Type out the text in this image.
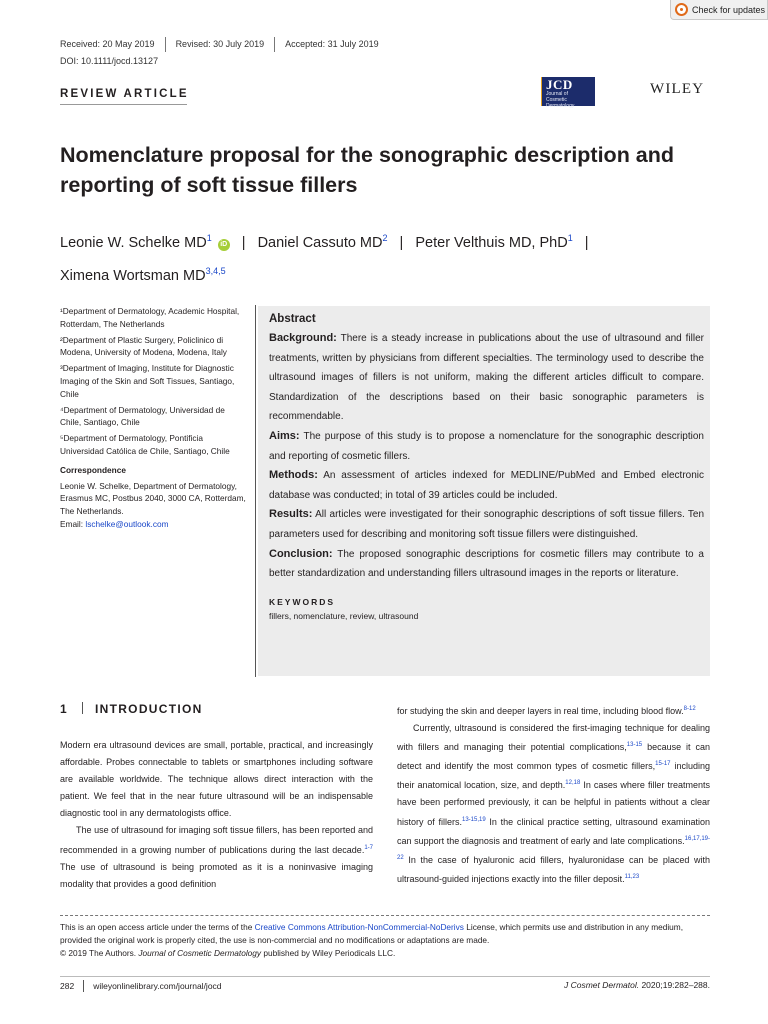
Check for updates
Received: 20 May 2019 Revised: 30 July 2019 Accepted: 31 July 2019
DOI: 10.1111/jocd.13127
REVIEW ARTICLE
JCD
Journal of
Cosmetic Dermatology
WILEY
Nomenclature proposal for the sonographic description and reporting of soft tissue fillers
Leonie W. Schelke $MD^1$ iD | Daniel Cassuto $MD^2$ | Peter Velthuis MD, PhD$^1$ |
Ximena Wortsman MD$^{3,4,5}$

¹Department of Dermatology, Academic Hospital, Rotterdam, The Netherlands

²Department of Plastic Surgery, Policlinico di Modena, University of Modena, Modena, Italy

³Department of Imaging, Institute for Diagnostic Imaging of the Skin and Soft Tissues, Santiago, Chile

⁴Department of Dermatology, Universidad de Chile, Santiago, Chile

⁵Department of Dermatology, Pontificia Universidad Católica de Chile, Santiago, Chile

Correspondence

Leonie W. Schelke, Department of Dermatology, Erasmus MC, Postbus 2040, 3000 CA, Rotterdam, The Netherlands.
Email: lschelke@outlook.com

Abstract
Background: There is a steady increase in publications about the use of ultrasound and filler treatments, written by physicians from different specialties. The terminology used to describe the ultrasound images of fillers is not uniform, making the different articles difficult to compare. Standardization of the descriptions based on their basic sonographic parameters is recommendable.
Aims: The purpose of this study is to propose a nomenclature for the sonographic description and reporting of cosmetic fillers.
Methods: An assessment of articles indexed for MEDLINE/PubMed and Embed electronic database was conducted; in total of 39 articles could be included.
Results: All articles were investigated for their sonographic descriptions of soft tissue fillers. Ten parameters used for describing and monitoring soft tissue fillers were distinguished.
Conclusion: The proposed sonographic descriptions for cosmetic fillers may contribute to a better standardization and understanding fillers ultrasound images in the reports or literature.
KEYWORDS
fillers, nomenclature, review, ultrasound
1 INTRODUCTION

Modern era ultrasound devices are small, portable, practical, and increasingly affordable. Probes connectable to tablets or smartphones including software are available worldwide. The technique allows direct interaction with the patient. We feel that in the near future ultrasound will be an indispensable diagnostic tool in any dermatologists office.

The use of ultrasound for imaging soft tissue fillers, has been reported and recommended in a growing number of publications during the last decade.$^{1-7}$ The use of ultrasound is being promoted as it is a noninvasive imaging modality that provides a good definition

for studying the skin and deeper layers in real time, including blood flow.$^{8-12}$

Currently, ultrasound is considered the first-imaging technique for dealing with fillers and managing their potential complications,$^{13-15}$ because it can detect and identify the most common types of cosmetic fillers,$^{15-17}$ including their anatomical location, size, and depth.$^{12,18}$ In cases where filler treatments have been performed previously, it can be helpful in patients without a clear history of fillers.$^{13-15,19}$ In the clinical practice setting, ultrasound examination can support the diagnosis and treatment of early and late complications.$^{16,17,19-22}$ In the case of hyaluronic acid fillers, hyaluronidase can be placed with ultrasound-guided injections exactly into the filler deposit.$^{11,23}$

This is an open access article under the terms of the Creative Commons Attribution-NonCommercial-NoDerivs License, which permits use and distribution in any medium, provided the original work is properly cited, the use is non-commercial and no modifications or adaptations are made.
© 2019 The Authors. Journal of Cosmetic Dermatology published by Wiley Periodicals LLC.
282 wileyonlinelibrary.com/journal/jocd	J Cosmet Dermatol. 2020;19:282–288.
